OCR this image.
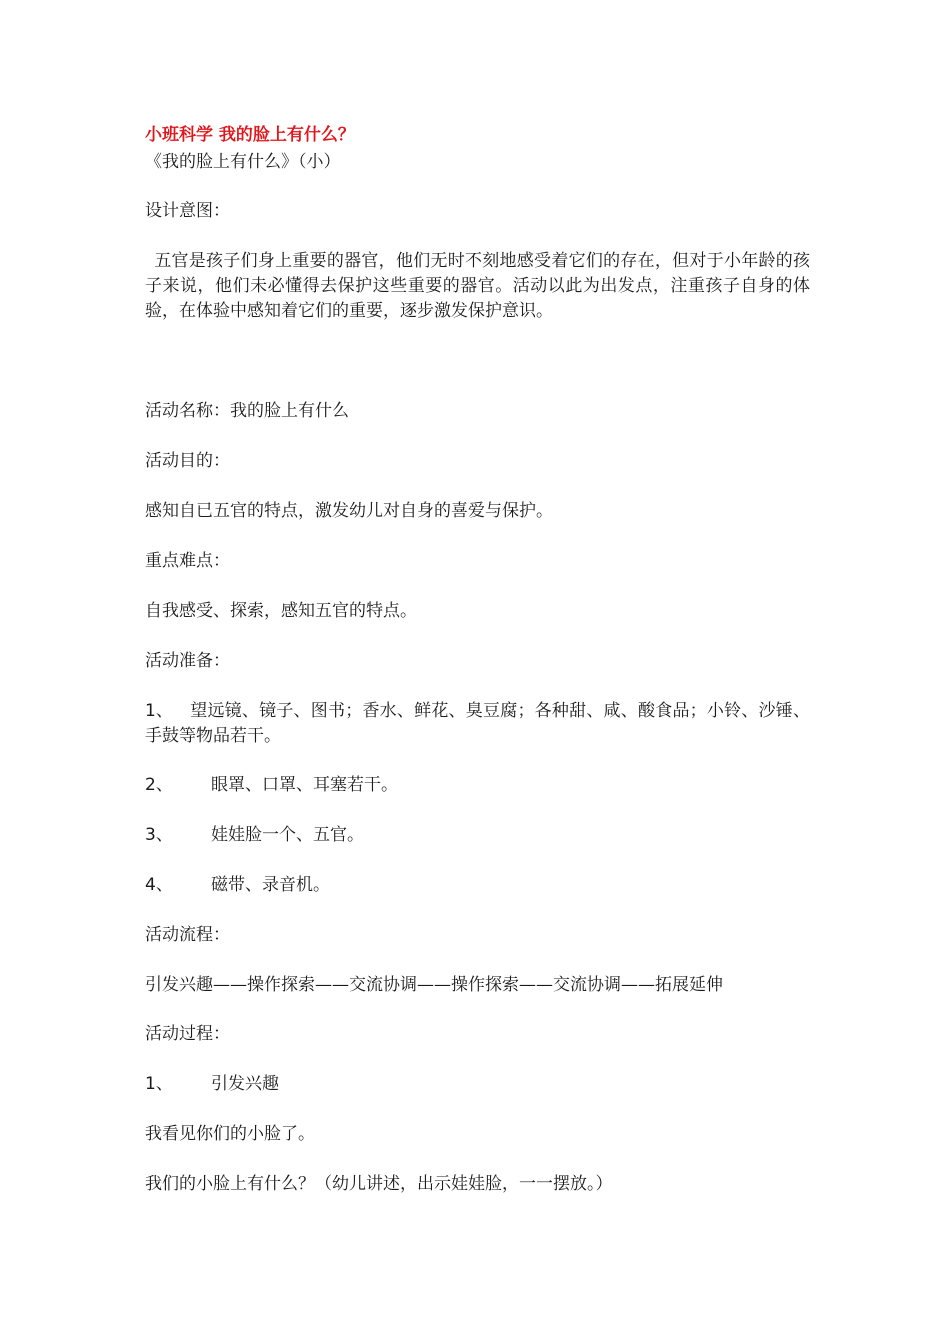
小班科学 我的脸上有什么？
《我的脸上有什么》（小）
设计意图：
五官是孩子们身上重要的器官，他们无时不刻地感受着它们的存在，但对于小年龄的孩子来说，他们未必懂得去保护这些重要的器官。活动以此为出发点，注重孩子自身的体验，在体验中感知着它们的重要，逐步激发保护意识。
活动名称：我的脸上有什么
活动目的：
感知自已五官的特点，激发幼儿对自身的喜爱与保护。
重点难点：
自我感受、探索，感知五官的特点。
活动准备：
1、 望远镜、镜子、图书；香水、鲜花、臭豆腐；各种甜、咸、酸食品；小铃、沙锤、手鼓等物品若干。
2、 眼罩、口罩、耳塞若干。
3、 娃娃脸一个、五官。
4、 磁带、录音机。
活动流程：
引发兴趣——操作探索——交流协调——操作探索——交流协调——拓展延伸
活动过程：
1、 引发兴趣
我看见你们的小脸了。
我们的小脸上有什么？（幼儿讲述，出示娃娃脸，一一摆放。）
